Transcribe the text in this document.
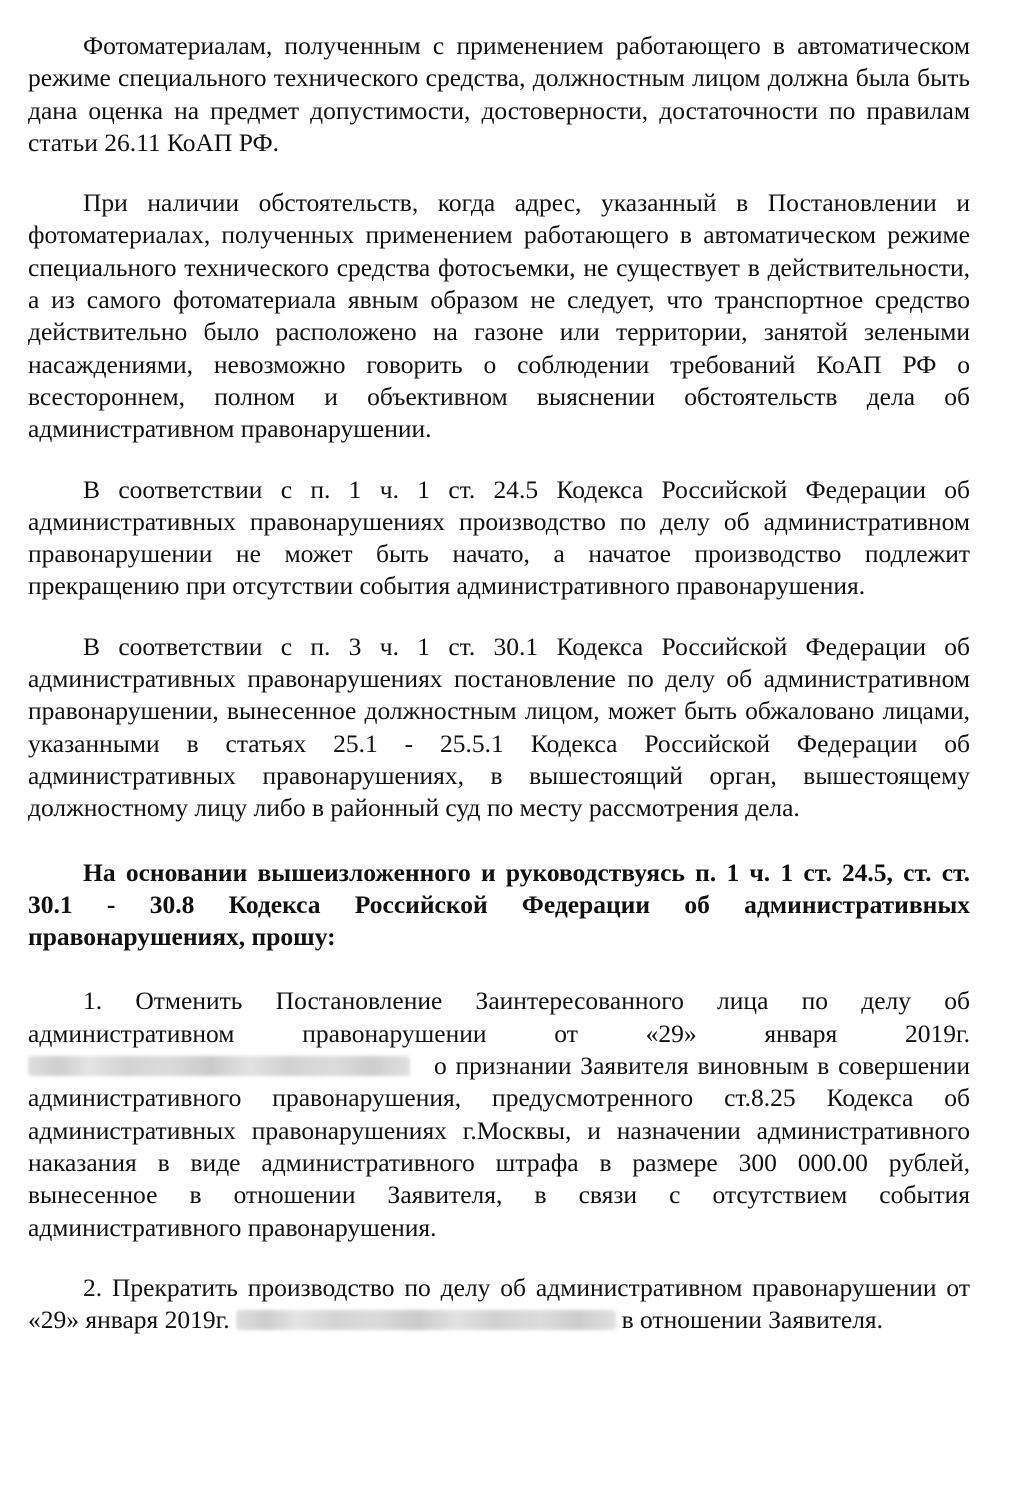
Фотоматериалам, полученным с применением работающего в автоматическом режиме специального технического средства, должностным лицом должна была быть дана оценка на предмет допустимости, достоверности, достаточности по правилам статьи 26.11 КоАП РФ.

При наличии обстоятельств, когда адрес, указанный в Постановлении и фотоматериалах, полученных применением работающего в автоматическом режиме специального технического средства фотосъемки, не существует в действительности, а из самого фотоматериала явным образом не следует, что транспортное средство действительно было расположено на газоне или территории, занятой зелеными насаждениями, невозможно говорить о соблюдении требований КоАП РФ о всестороннем, полном и объективном выяснении обстоятельств дела об административном правонарушении.

В соответствии с п. 1 ч. 1 ст. 24.5 Кодекса Российской Федерации об административных правонарушениях производство по делу об административном правонарушении не может быть начато, а начатое производство подлежит прекращению при отсутствии события административного правонарушения.

В соответствии с п. 3 ч. 1 ст. 30.1 Кодекса Российской Федерации об административных правонарушениях постановление по делу об административном правонарушении, вынесенное должностным лицом, может быть обжаловано лицами, указанными в статьях 25.1 - 25.5.1 Кодекса Российской Федерации об административных правонарушениях, в вышестоящий орган, вышестоящему должностному лицу либо в районный суд по месту рассмотрения дела.

На основании вышеизложенного и руководствуясь п. 1 ч. 1 ст. 24.5, ст. ст. 30.1 - 30.8 Кодекса Российской Федерации об административных правонарушениях, прошу:

1. Отменить Постановление Заинтересованного лица по делу об административном правонарушении от «29» января 2019г. о признании Заявителя виновным в совершении административного правонарушения, предусмотренного ст.8.25 Кодекса об административных правонарушениях г.Москвы, и назначении административного наказания в виде административного штрафа в размере 300 000.00 рублей, вынесенное в отношении Заявителя, в связи с отсутствием события административного правонарушения.

2. Прекратить производство по делу об административном правонарушении от «29» января 2019г.	в отношении Заявителя.
